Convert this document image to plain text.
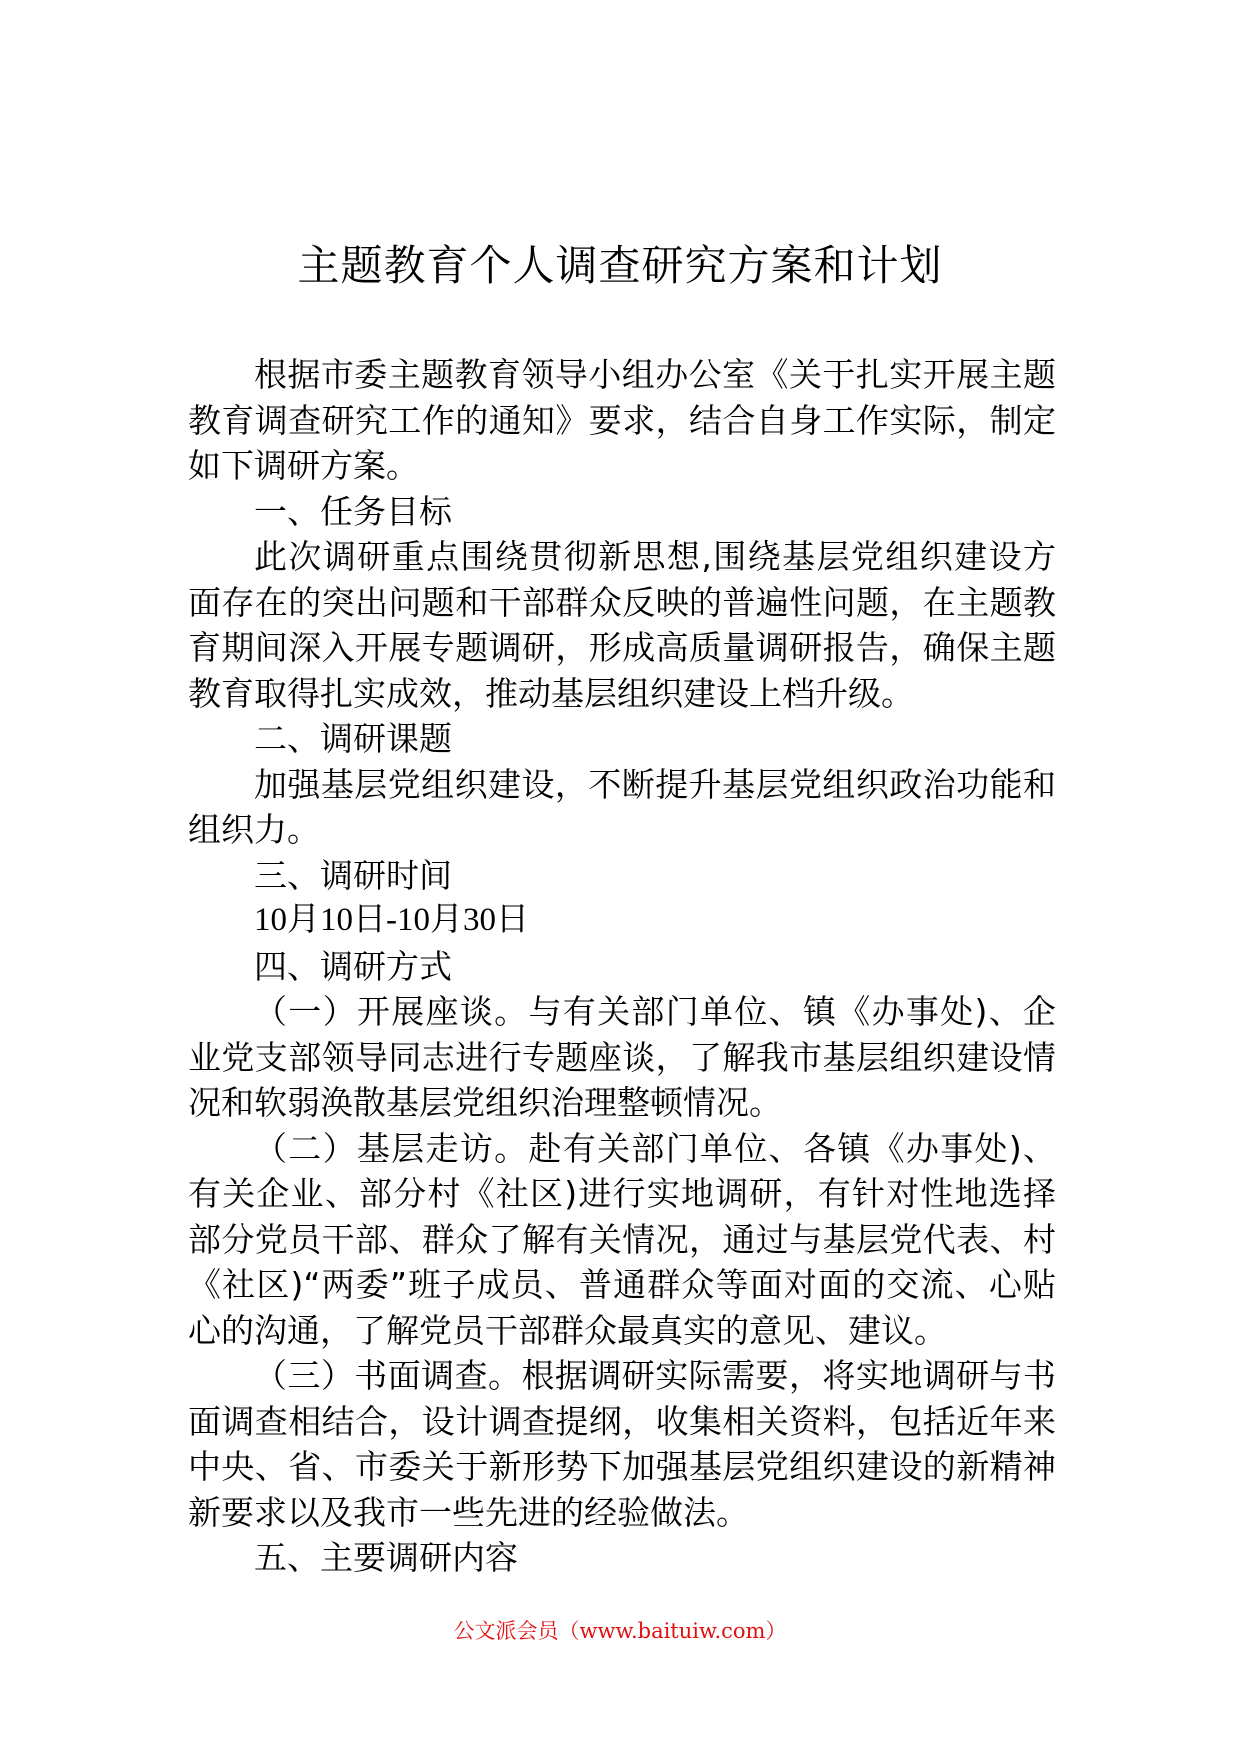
主题教育个人调查研究方案和计划

根据市委主题教育领导小组办公室《关于扎实开展主题教育调查研究工作的通知》要求，结合自身工作实际，制定如下调研方案。

一、任务目标

此次调研重点围绕贯彻新思想,围绕基层党组织建设方面存在的突出问题和干部群众反映的普遍性问题，在主题教育期间深入开展专题调研，形成高质量调研报告，确保主题教育取得扎实成效，推动基层组织建设上档升级。

二、调研课题

加强基层党组织建设，不断提升基层党组织政治功能和组织力。

三、调研时间

10月10日-10月30日

四、调研方式

（一）开展座谈。与有关部门单位、镇《办事处)、企业党支部领导同志进行专题座谈，了解我市基层组织建设情况和软弱涣散基层党组织治理整顿情况。

（二）基层走访。赴有关部门单位、各镇《办事处)、有关企业、部分村《社区)进行实地调研，有针对性地选择部分党员干部、群众了解有关情况，通过与基层党代表、村《社区)“两委”班子成员、普通群众等面对面的交流、心贴心的沟通，了解党员干部群众最真实的意见、建议。

（三）书面调查。根据调研实际需要，将实地调研与书面调查相结合，设计调查提纲，收集相关资料，包括近年来中央、省、市委关于新形势下加强基层党组织建设的新精神新要求以及我市一些先进的经验做法。

五、主要调研内容

公文派会员（www.baituiw.com）
